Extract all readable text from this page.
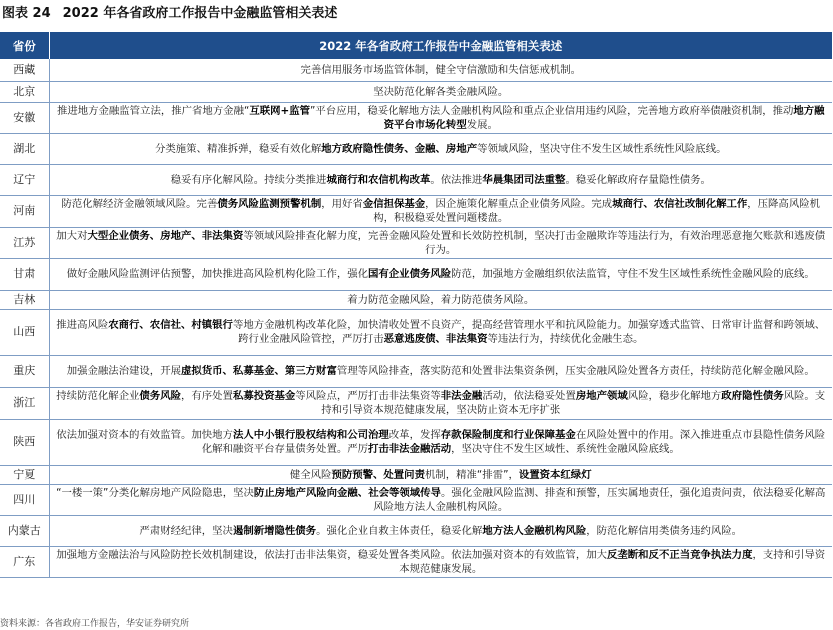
图表 24 2022 年各省政府工作报告中金融监管相关表述
省份	2022 年各省政府工作报告中金融监管相关表述
西藏	完善信用服务市场监管体制，健全守信激励和失信惩戒机制。
北京	坚决防范化解各类金融风险。
安徽	推进地方金融监管立法，推广省地方金融“互联网+监管”平台应用，稳妥化解地方法人金融机构风险和重点企业信用违约风险，完善地方政府举债融资机制，推动地方融资平台市场化转型发展。
湖北	分类施策、精准拆弹，稳妥有效化解地方政府隐性债务、金融、房地产等领域风险，坚决守住不发生区域性系统性风险底线。
辽宁	稳妥有序化解风险。持续分类推进城商行和农信机构改革。依法推进华晨集团司法重整。稳妥化解政府存量隐性债务。
河南	防范化解经济金融领域风险。完善债务风险监测预警机制，用好省金信担保基金，因企施策化解重点企业债务风险。完成城商行、农信社改制化解工作，压降高风险机构，积极稳妥处置问题楼盘。
江苏	加大对大型企业债务、房地产、非法集资等领域风险排查化解力度，完善金融风险处置和长效防控机制，坚决打击金融欺诈等违法行为，有效治理恶意拖欠账款和逃废债行为。
甘肃	做好金融风险监测评估预警，加快推进高风险机构化险工作，强化国有企业债务风险防范，加强地方金融组织依法监管，守住不发生区域性系统性金融风险的底线。
吉林	着力防范金融风险，着力防范债务风险。
山西	推进高风险农商行、农信社、村镇银行等地方金融机构改革化险，加快清收处置不良资产，提高经营管理水平和抗风险能力。加强穿透式监管、日常审计监督和跨领域、跨行业金融风险管控，严厉打击恶意逃废债、非法集资等违法行为，持续优化金融生态。
重庆	加强金融法治建设，开展虚拟货币、私募基金、第三方财富管理等风险排查，落实防范和处置非法集资条例，压实金融风险处置各方责任，持续防范化解金融风险。
浙江	持续防范化解企业债务风险，有序处置私募投资基金等风险点，严厉打击非法集资等非法金融活动，依法稳妥处置房地产领域风险，稳步化解地方政府隐性债务风险。支持和引导资本规范健康发展，坚决防止资本无序扩张
陕西	依法加强对资本的有效监管。加快地方法人中小银行股权结构和公司治理改革，发挥存款保险制度和行业保障基金在风险处置中的作用。深入推进重点市县隐性债务风险化解和融资平台存量债务处置。严厉打击非法金融活动，坚决守住不发生区域性、系统性金融风险底线。
宁夏	健全风险预防预警、处置问责机制，精准“排雷”，设置资本红绿灯
四川	“一楼一策”分类化解房地产风险隐患，坚决防止房地产风险向金融、社会等领域传导。强化金融风险监测、排查和预警，压实属地责任，强化追责问责，依法稳妥化解高风险地方法人金融机构风险。
内蒙古	严肃财经纪律，坚决遏制新增隐性债务。强化企业自救主体责任，稳妥化解地方法人金融机构风险，防范化解信用类债务违约风险。
广东	加强地方金融法治与风险防控长效机制建设，依法打击非法集资，稳妥处置各类风险。依法加强对资本的有效监管，加大反垄断和反不正当竞争执法力度，支持和引导资本规范健康发展。
资料来源：各省政府工作报告，华安证券研究所
